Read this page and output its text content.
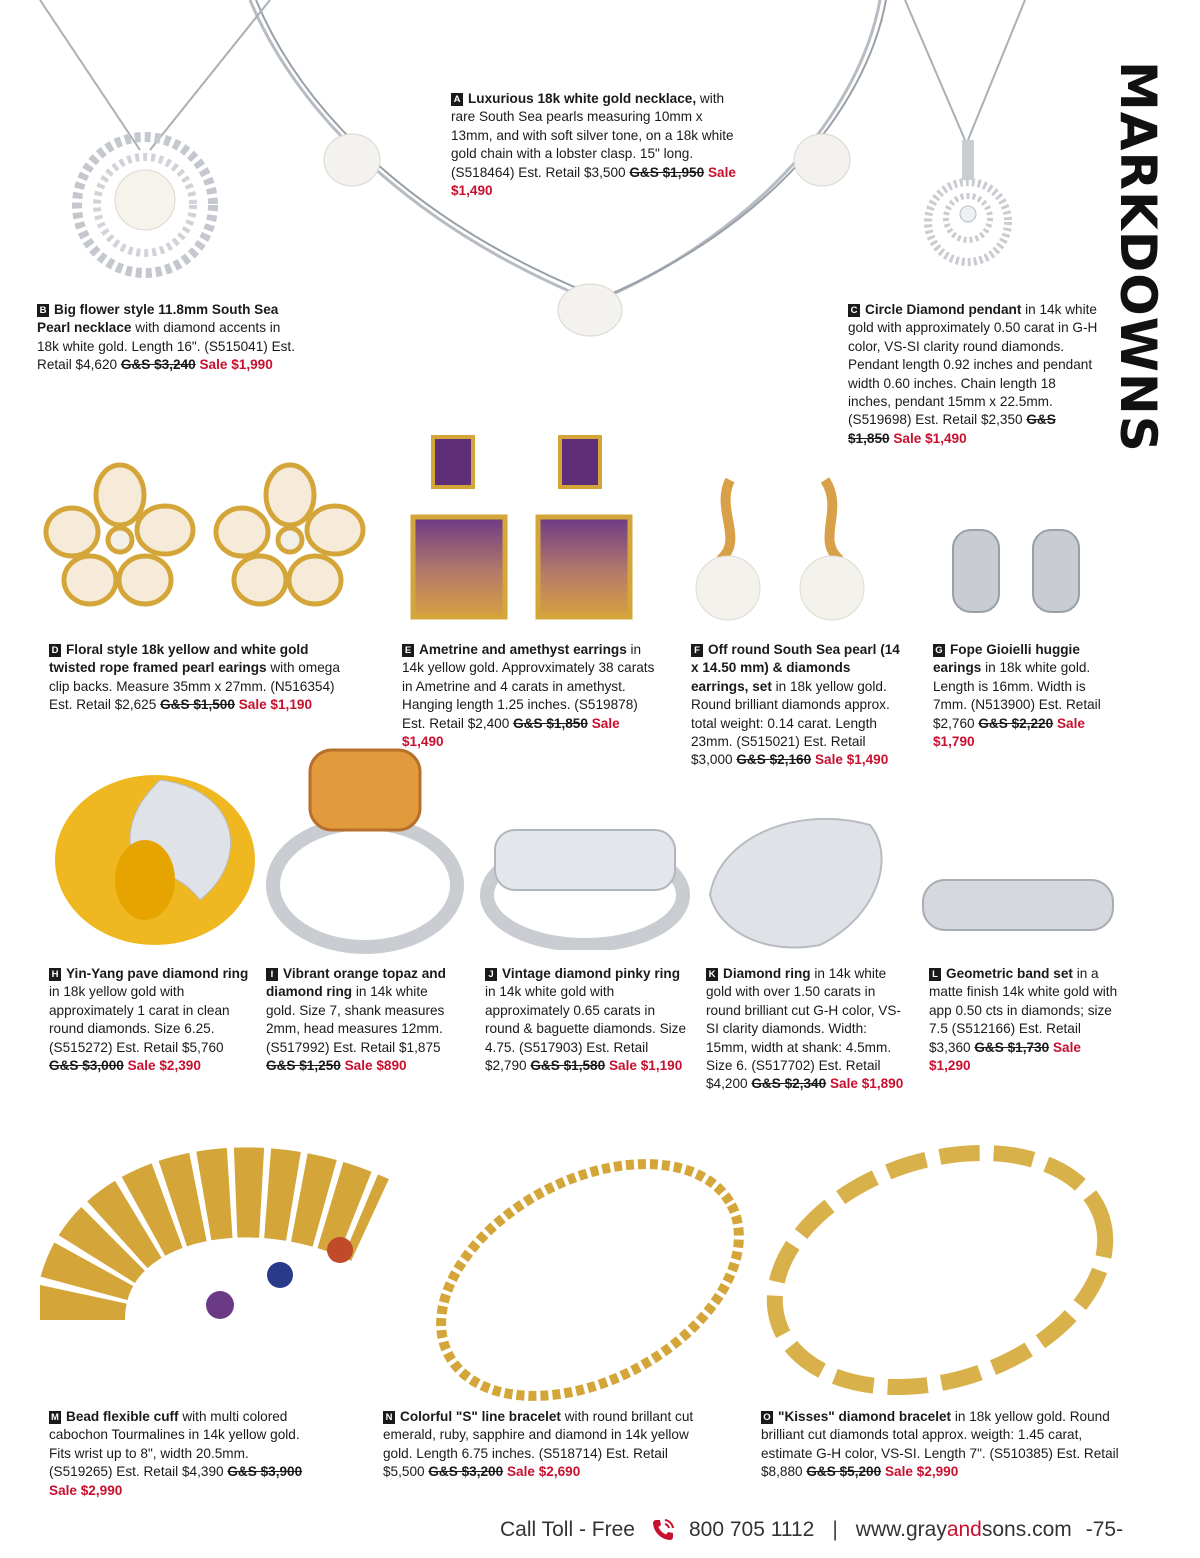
MARKDOWNS
A Luxurious 18k white gold necklace, with rare South Sea pearls measuring 10mm x 13mm, and with soft silver tone, on a 18k white gold chain with a lobster clasp. 15" long. (S518464) Est. Retail $3,500 G&S $1,950 Sale $1,490
B Big flower style 11.8mm South Sea Pearl necklace with diamond accents in 18k white gold. Length 16". (S515041) Est. Retail $4,620 G&S $3,240 Sale $1,990
C Circle Diamond pendant in 14k white gold with approximately 0.50 carat in G-H color, VS-SI clarity round diamonds. Pendant length 0.92 inches and pendant width 0.60 inches. Chain length 18 inches, pendant 15mm x 22.5mm. (S519698) Est. Retail $2,350 G&S $1,850 Sale $1,490
D Floral style 18k yellow and white gold twisted rope framed pearl earings with omega clip backs. Measure 35mm x 27mm. (N516354) Est. Retail $2,625 G&S $1,500 Sale $1,190
E Ametrine and amethyst earrings in 14k yellow gold. Approvximately 38 carats in Ametrine and 4 carats in amethyst. Hanging length 1.25 inches. (S519878) Est. Retail $2,400 G&S $1,850 Sale $1,490
F Off round South Sea pearl (14 x 14.50 mm) & diamonds earrings, set in 18k yellow gold. Round brilliant diamonds approx. total weight: 0.14 carat. Length 23mm. (S515021) Est. Retail $3,000 G&S $2,160 Sale $1,490
G Fope Gioielli huggie earings in 18k white gold. Length is 16mm. Width is 7mm. (N513900) Est. Retail $2,760 G&S $2,220 Sale $1,790
H Yin-Yang pave diamond ring in 18k yellow gold with approximately 1 carat in clean round diamonds. Size 6.25. (S515272) Est. Retail $5,760 G&S $3,000 Sale $2,390
I Vibrant orange topaz and diamond ring in 14k white gold. Size 7, shank measures 2mm, head measures 12mm. (S517992) Est. Retail $1,875 G&S $1,250 Sale $890
J Vintage diamond pinky ring in 14k white gold with approximately 0.65 carats in round & baguette diamonds. Size 4.75. (S517903) Est. Retail $2,790 G&S $1,580 Sale $1,190
K Diamond ring in 14k white gold with over 1.50 carats in round brilliant cut G-H color, VS-SI clarity diamonds. Width: 15mm, width at shank: 4.5mm. Size 6. (S517702) Est. Retail $4,200 G&S $2,340 Sale $1,890
L Geometric band set in a matte finish 14k white gold with app 0.50 cts in diamonds; size 7.5 (S512166) Est. Retail $3,360 G&S $1,730 Sale $1,290
M Bead flexible cuff with multi colored cabochon Tourmalines in 14k yellow gold. Fits wrist up to 8", width 20.5mm. (S519265) Est. Retail $4,390 G&S $3,900 Sale $2,990
N Colorful "S" line bracelet with round brillant cut emerald, ruby, sapphire and diamond in 14k yellow gold. Length 6.75 inches. (S518714) Est. Retail $5,500 G&S $3,200 Sale $2,690
O "Kisses" diamond bracelet in 18k yellow gold. Round brilliant cut diamonds total approx. weigth: 1.45 carat, estimate G-H color, VS-SI. Length 7". (S510385) Est. Retail $8,880 G&S $5,200 Sale $2,990
Call Toll - Free	800 705 1112 | www.grayandsons.com -75-
